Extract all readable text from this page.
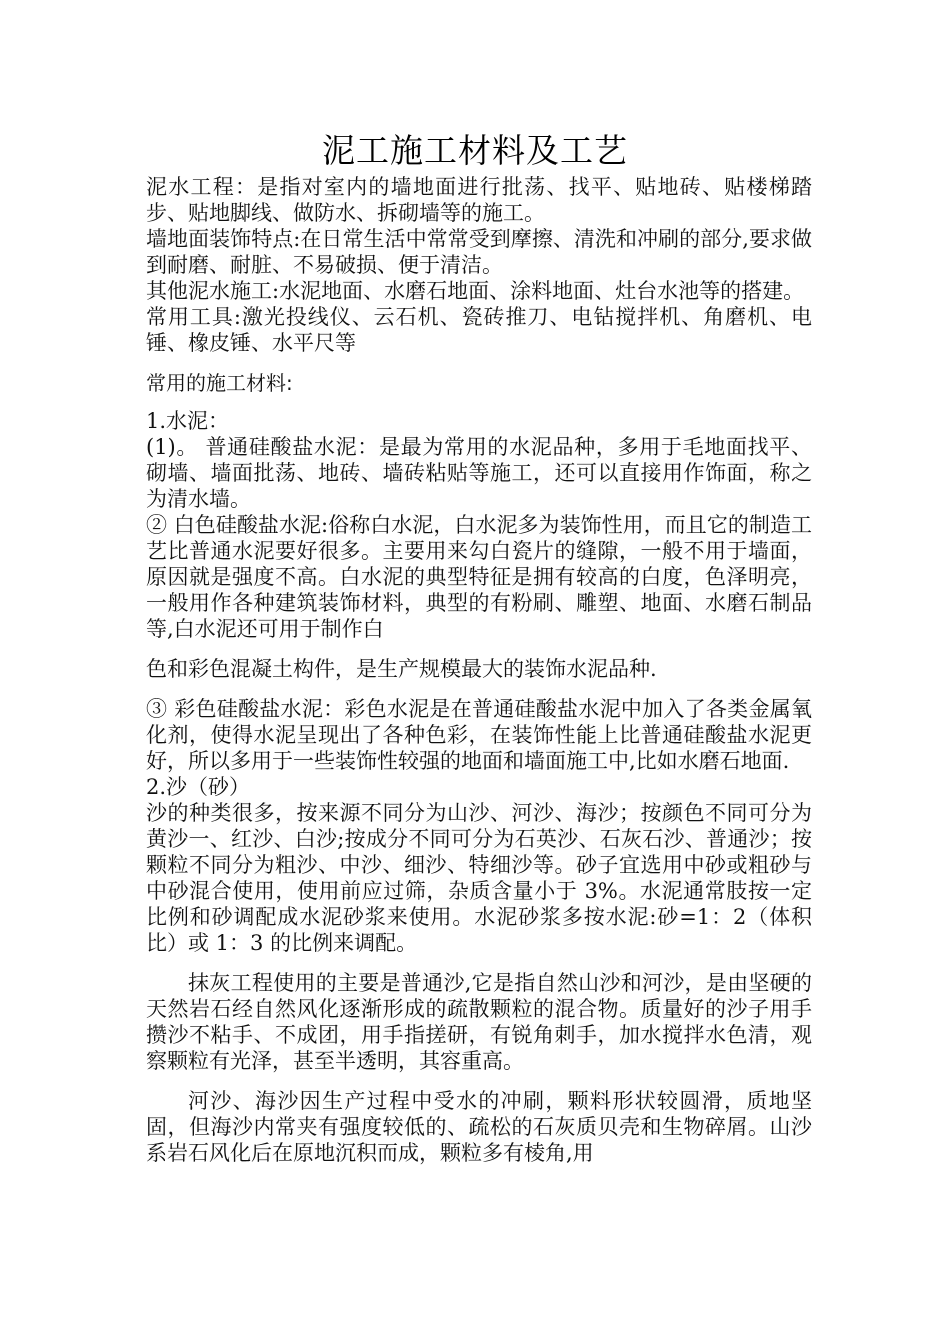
泥工施工材料及工艺

泥水工程：是指对室内的墙地面进行批荡、找平、贴地砖、贴楼梯踏步、贴地脚线、做防水、拆砌墙等的施工。

墙地面装饰特点:在日常生活中常常受到摩擦、清洗和冲刷的部分,要求做到耐磨、耐脏、不易破损、便于清洁。

其他泥水施工:水泥地面、水磨石地面、涂料地面、灶台水池等的搭建。

常用工具:激光投线仪、云石机、瓷砖推刀、电钻搅拌机、角磨机、电锤、橡皮锤、水平尺等

常用的施工材料:

1.水泥：

(1)。 普通硅酸盐水泥：是最为常用的水泥品种，多用于毛地面找平、砌墙、墙面批荡、地砖、墙砖粘贴等施工，还可以直接用作饰面，称之为清水墙。

② 白色硅酸盐水泥:俗称白水泥，白水泥多为装饰性用，而且它的制造工艺比普通水泥要好很多。主要用来勾白瓷片的缝隙，一般不用于墙面，原因就是强度不高。白水泥的典型特征是拥有较高的白度，色泽明亮，一般用作各种建筑装饰材料，典型的有粉刷、雕塑、地面、水磨石制品等,白水泥还可用于制作白

色和彩色混凝土构件，是生产规模最大的装饰水泥品种.

③ 彩色硅酸盐水泥：彩色水泥是在普通硅酸盐水泥中加入了各类金属氧化剂，使得水泥呈现出了各种色彩，在装饰性能上比普通硅酸盐水泥更好，所以多用于一些装饰性较强的地面和墙面施工中,比如水磨石地面.

2.沙（砂）

沙的种类很多，按来源不同分为山沙、河沙、海沙；按颜色不同可分为黄沙一、红沙、白沙;按成分不同可分为石英沙、石灰石沙、普通沙；按颗粒不同分为粗沙、中沙、细沙、特细沙等。砂子宜选用中砂或粗砂与中砂混合使用，使用前应过筛，杂质含量小于 3%。水泥通常肢按一定比例和砂调配成水泥砂浆来使用。水泥砂浆多按水泥:砂=1：2（体积比）或 1：3 的比例来调配。

抹灰工程使用的主要是普通沙,它是指自然山沙和河沙，是由坚硬的天然岩石经自然风化逐渐形成的疏散颗粒的混合物。质量好的沙子用手攒沙不粘手、不成团，用手指搓研，有锐角刺手，加水搅拌水色清，观察颗粒有光泽，甚至半透明，其容重高。

河沙、海沙因生产过程中受水的冲刷，颗料形状较圆滑，质地坚固，但海沙内常夹有强度较低的、疏松的石灰质贝壳和生物碎屑。山沙系岩石风化后在原地沉积而成，颗粒多有棱角,用
